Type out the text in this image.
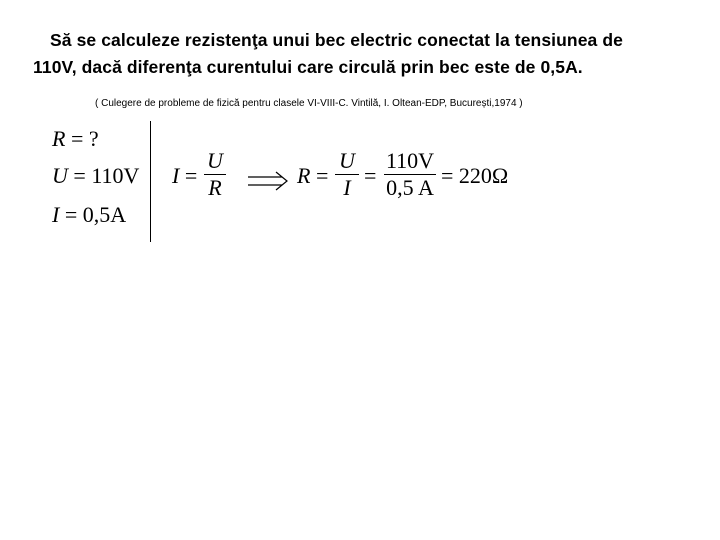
Să se calculeze rezistenţa unui bec electric conectat la tensiunea de
110V, dacă diferenţa curentului care circulă prin bec este de 0,5A.
( Culegere de probleme de fizică pentru clasele VI-VIII-C. Vintilă, I. Oltean-EDP, București,1974 )
R = ?
U = 110V
I = 0,5A
I =
U
R	R =
U
I =
110V
0,5 A = 220Ω
